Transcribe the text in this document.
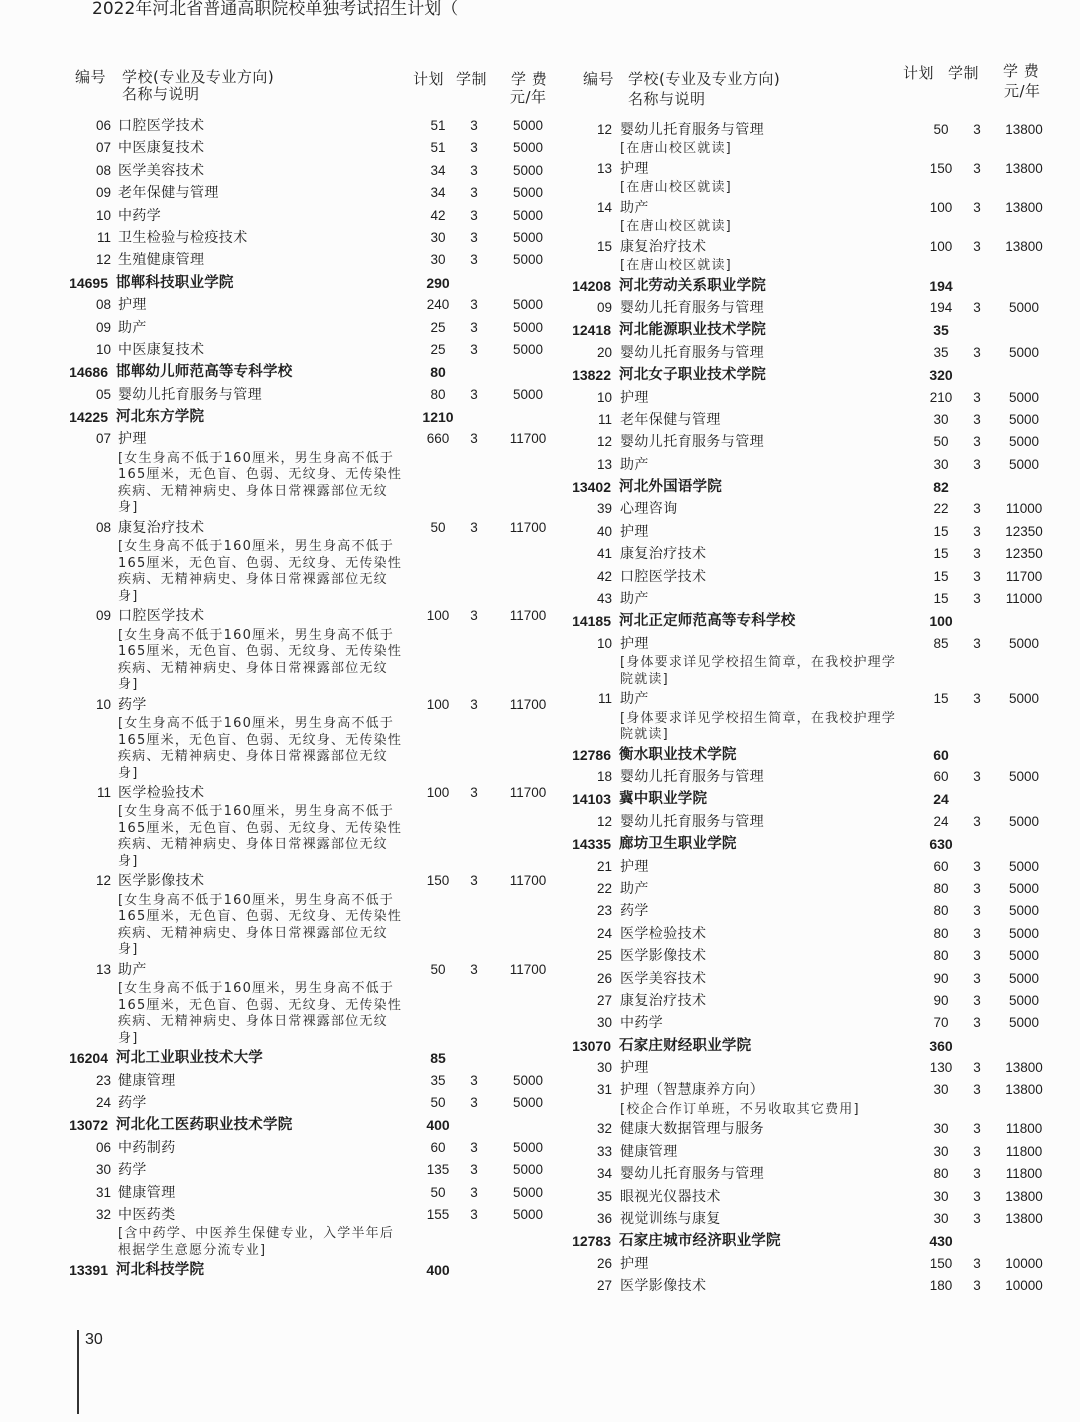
2022年河北省普通高职院校单独考试招生计划（
编号 学校(专业及专业方向)
名称与说明
计划 学制 学 费
元/年
编号 学校(专业及专业方向)
名称与说明
计划 学制 学 费
元/年
06 口腔医学技术	51	3	5000
07 中医康复技术	51	3	5000
08 医学美容技术	34	3	5000
09 老年保健与管理	34	3	5000
10 中药学	42	3	5000
11 卫生检验与检疫技术	30	3	5000
12 生殖健康管理	30	3	5000
14695 邯郸科技职业学院	290
08 护理	240	3	5000
09 助产	25	3	5000
10 中医康复技术	25	3	5000
14686 邯郸幼儿师范高等专科学校	80
05 婴幼儿托育服务与管理	80	3	5000
14225 河北东方学院	1210
07 护理	660	3	11700
[女生身高不低于160厘米，男生身高不低于165厘米，无色盲、色弱、无纹身、无传染性疾病、无精神病史、身体日常裸露部位无纹身]
08 康复治疗技术	50	3	11700
[女生身高不低于160厘米，男生身高不低于165厘米，无色盲、色弱、无纹身、无传染性疾病、无精神病史、身体日常裸露部位无纹身]
09 口腔医学技术	100	3	11700
[女生身高不低于160厘米，男生身高不低于165厘米，无色盲、色弱、无纹身、无传染性疾病、无精神病史、身体日常裸露部位无纹身]
10 药学	100	3	11700
[女生身高不低于160厘米，男生身高不低于165厘米，无色盲、色弱、无纹身、无传染性疾病、无精神病史、身体日常裸露部位无纹身]
11 医学检验技术	100	3	11700
[女生身高不低于160厘米，男生身高不低于165厘米，无色盲、色弱、无纹身、无传染性疾病、无精神病史、身体日常裸露部位无纹身]
12 医学影像技术	150	3	11700
[女生身高不低于160厘米，男生身高不低于165厘米，无色盲、色弱、无纹身、无传染性疾病、无精神病史、身体日常裸露部位无纹身]
13 助产	50	3	11700
[女生身高不低于160厘米，男生身高不低于165厘米，无色盲、色弱、无纹身、无传染性疾病、无精神病史、身体日常裸露部位无纹身]
16204 河北工业职业技术大学	85
23 健康管理	35	3	5000
24 药学	50	3	5000
13072 河北化工医药职业技术学院	400
06 中药制药	60	3	5000
30 药学	135	3	5000
31 健康管理	50	3	5000
32 中医药类	155	3	5000
[含中药学、中医养生保健专业，入学半年后根据学生意愿分流专业]
13391 河北科技学院	400
12 婴幼儿托育服务与管理	50	3	13800
[在唐山校区就读]
13 护理	150	3	13800
[在唐山校区就读]
14 助产	100	3	13800
[在唐山校区就读]
15 康复治疗技术	100	3	13800
[在唐山校区就读]
14208 河北劳动关系职业学院	194
09 婴幼儿托育服务与管理	194	3	5000
12418 河北能源职业技术学院	35
20 婴幼儿托育服务与管理	35	3	5000
13822 河北女子职业技术学院	320
10 护理	210	3	5000
11 老年保健与管理	30	3	5000
12 婴幼儿托育服务与管理	50	3	5000
13 助产	30	3	5000
13402 河北外国语学院	82
39 心理咨询	22	3	11000
40 护理	15	3	12350
41 康复治疗技术	15	3	12350
42 口腔医学技术	15	3	11700
43 助产	15	3	11000
14185 河北正定师范高等专科学校	100
10 护理	85	3	5000
[身体要求详见学校招生简章，在我校护理学院就读]
11 助产	15	3	5000
[身体要求详见学校招生简章，在我校护理学院就读]
12786 衡水职业技术学院	60
18 婴幼儿托育服务与管理	60	3	5000
14103 冀中职业学院	24
12 婴幼儿托育服务与管理	24	3	5000
14335 廊坊卫生职业学院	630
21 护理	60	3	5000
22 助产	80	3	5000
23 药学	80	3	5000
24 医学检验技术	80	3	5000
25 医学影像技术	80	3	5000
26 医学美容技术	90	3	5000
27 康复治疗技术	90	3	5000
30 中药学	70	3	5000
13070 石家庄财经职业学院	360
30 护理	130	3	13800
31 护理（智慧康养方向）	30	3	13800
[校企合作订单班，不另收取其它费用]
32 健康大数据管理与服务	30	3	11800
33 健康管理	30	3	11800
34 婴幼儿托育服务与管理	80	3	11800
35 眼视光仪器技术	30	3	13800
36 视觉训练与康复	30	3	13800
12783 石家庄城市经济职业学院	430
26 护理	150	3	10000
27 医学影像技术	180	3	10000
30
